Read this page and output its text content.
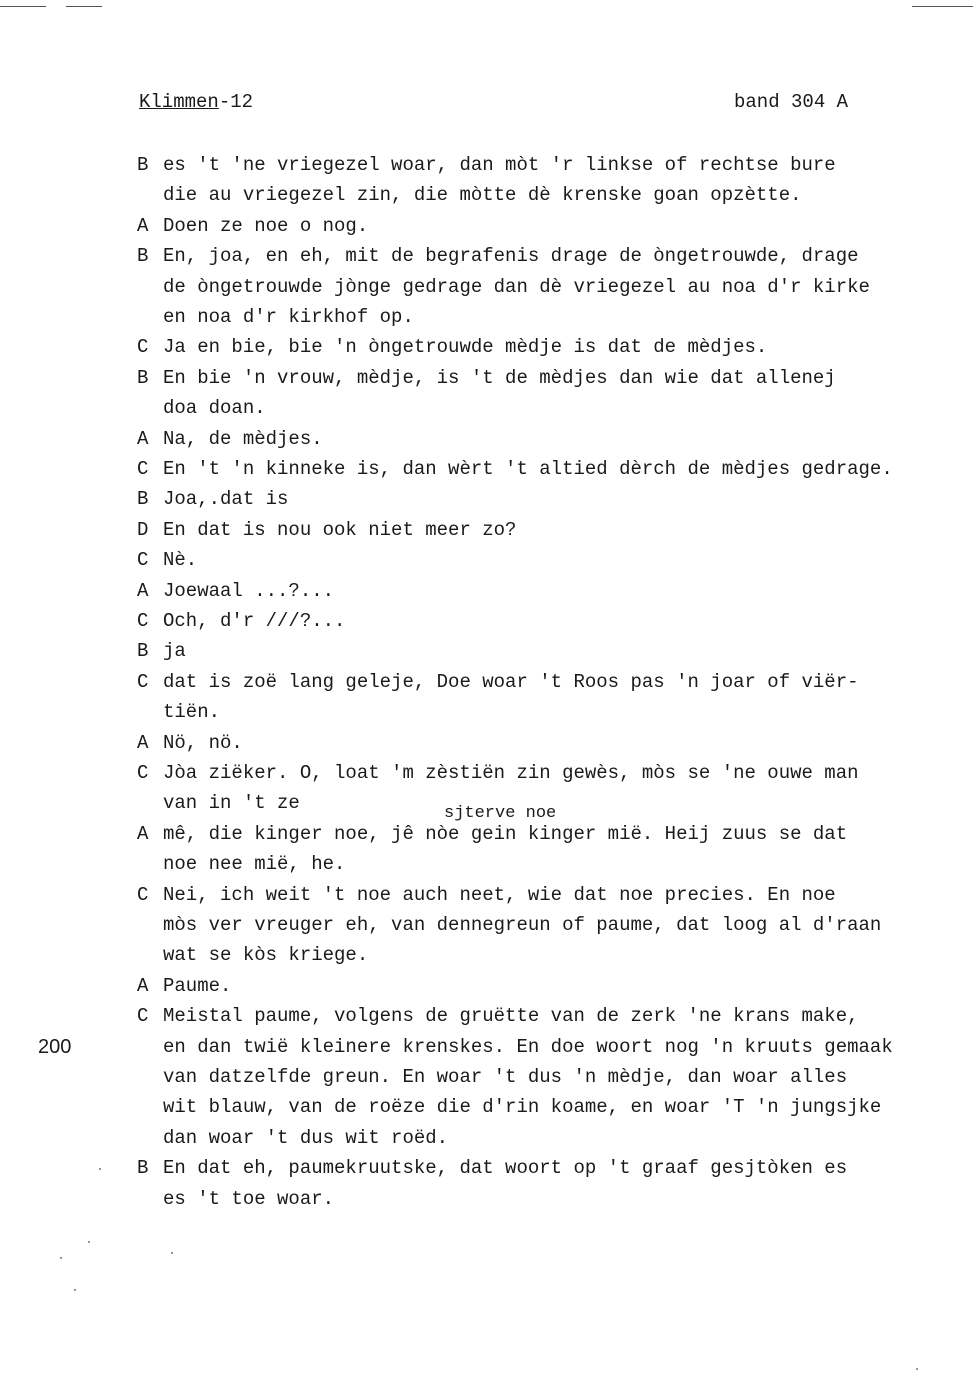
Klimmen-12	band 304 A
200
sjterve noe
B es 't 'ne vriegezel woar, dan mòt 'r linkse of rechtse bure
die au vriegezel zin, die mòtte dè krenske goan opzètte.
A Doen ze noe o nog.
B En, joa, en eh, mit de begrafenis drage de òngetrouwde, drage
de òngetrouwde jònge gedrage dan dè vriegezel au noa d'r kirke
en noa d'r kirkhof op.
C Ja en bie, bie 'n òngetrouwde mèdje is dat de mèdjes.
B En bie 'n vrouw, mèdje, is 't de mèdjes dan wie dat allenej
doa doan.
A Na, de mèdjes.
C En 't 'n kinneke is, dan wèrt 't altied dèrch de mèdjes gedrage.
B Joa,.dat is
D En dat is nou ook niet meer zo?
C Nè.
A Joewaal ...?...
C Och, d'r ///?...
B ja
C dat is zoë lang geleje, Doe woar 't Roos pas 'n joar of viër-
tiën.
A Nö, nö.
C Jòa ziëker. O, loat 'm zèstiën zin gewès, mòs se 'ne ouwe man
van in 't ze
A mê, die kinger noe, jê nòe gein kinger mië. Heij zuus se dat
noe nee mië, he.
C Nei, ich weit 't noe auch neet, wie dat noe precies. En noe
mòs ver vreuger eh, van dennegreun of paume, dat loog al d'raan
wat se kòs kriege.
A Paume.
C Meistal paume, volgens de gruëtte van de zerk 'ne krans make,
en dan twië kleinere krenskes. En doe woort nog 'n kruuts gemaak
van datzelfde greun. En woar 't dus 'n mèdje, dan woar alles
wit blauw, van de roëze die d'rin koame, en woar 'T 'n jungsjke
dan woar 't dus wit roëd.
B En dat eh, paumekruutske, dat woort op 't graaf gesjtòken es
es 't toe woar.
